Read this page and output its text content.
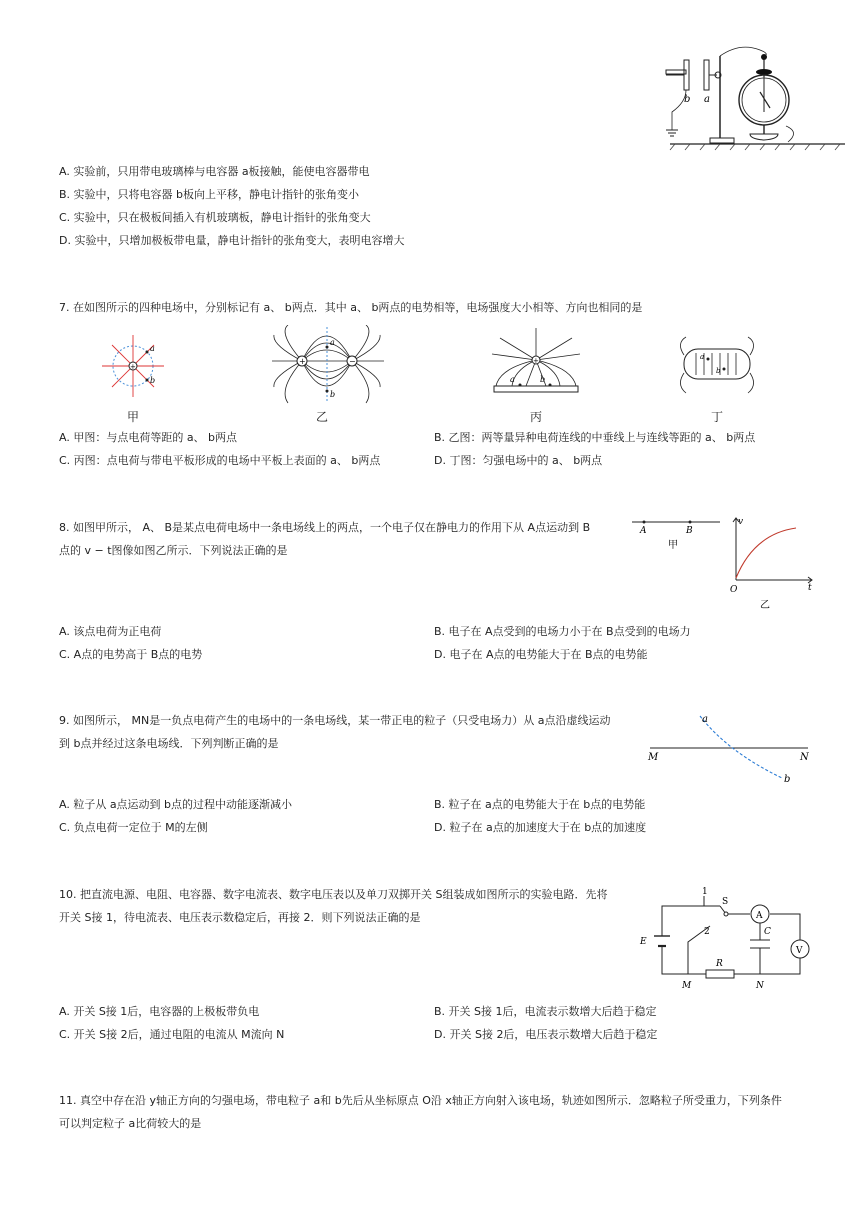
b a
A. 实验前，只用带电玻璃棒与电容器 a板接触，能使电容器带电
B. 实验中，只将电容器 b板向上平移，静电计指针的张角变小
C. 实验中，只在极板间插入有机玻璃板，静电计指针的张角变大
D. 实验中，只增加极板带电量，静电计指针的张角变大，表明电容增大
7. 在如图所示的四种电场中，分别标记有 a、 b两点．其中 a、 b两点的电势相等，电场强度大小相等、方向也相同的是
+
a
b
+	−
a
b
+
a	b
a
b
甲	乙	丙	丁
A. 甲图：与点电荷等距的 a、 b两点	B. 乙图：两等量异种电荷连线的中垂线上与连线等距的 a、 b两点
C. 丙图：点电荷与带电平板形成的电场中平板上表面的 a、 b两点	D. 丁图：匀强电场中的 a、 b两点
8. 如图甲所示， A、 B是某点电荷电场中一条电场线上的两点，一个电子仅在静电力的作用下从 A点运动到 B
点的 v − t图像如图乙所示．下列说法正确的是
A	B
甲
v
t
O
乙
A. 该点电荷为正电荷	B. 电子在 A点受到的电场力小于在 B点受到的电场力
C. A点的电势高于 B点的电势	D. 电子在 A点的电势能大于在 B点的电势能
9. 如图所示， MN是一负点电荷产生的电场中的一条电场线，某一带正电的粒子（只受电场力）从 a点沿虚线运动
到 b点并经过这条电场线．下列判断正确的是
a
b
M	N
A. 粒子从 a点运动到 b点的过程中动能逐渐减小	B. 粒子在 a点的电势能大于在 b点的电势能
C. 负点电荷一定位于 M的左侧	D. 粒子在 a点的加速度大于在 b点的加速度
10. 把直流电源、电阻、电容器、数字电流表、数字电压表以及单刀双掷开关 S组装成如图所示的实验电路．先将
开关 S接 1，待电流表、电压表示数稳定后，再接 2．则下列说法正确的是
1
S
A
2	C
E
V
R
M	N
A. 开关 S接 1后，电容器的上极板带负电	B. 开关 S接 1后，电流表示数增大后趋于稳定
C. 开关 S接 2后，通过电阻的电流从 M流向 N	D. 开关 S接 2后，电压表示数增大后趋于稳定
11. 真空中存在沿 y轴正方向的匀强电场，带电粒子 a和 b先后从坐标原点 O沿 x轴正方向射入该电场，轨迹如图所示．忽略粒子所受重力，下列条件
可以判定粒子 a比荷较大的是
